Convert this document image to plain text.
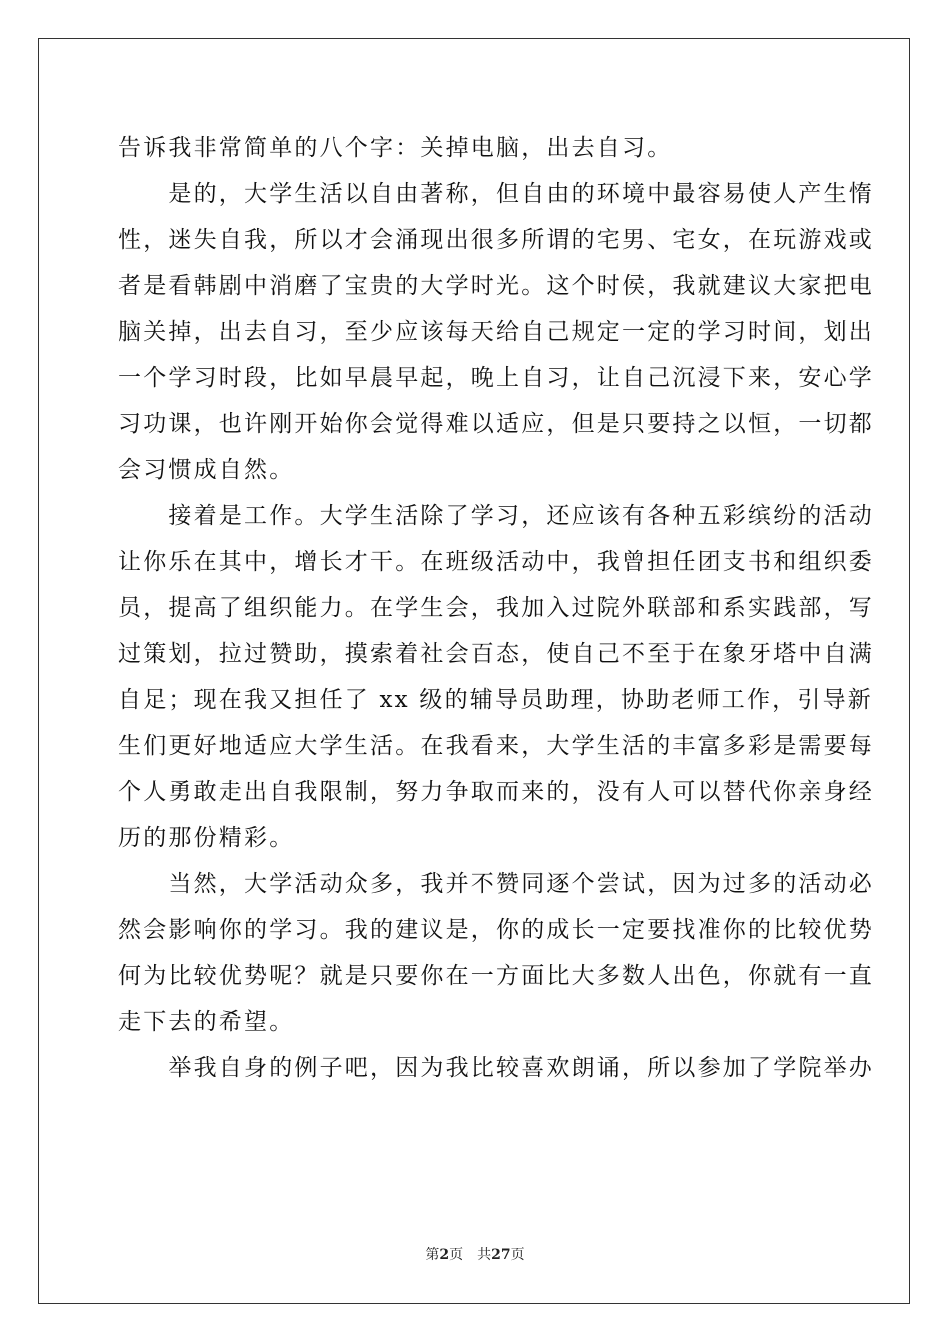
告诉我非常简单的八个字：关掉电脑，出去自习。
　　是的，大学生活以自由著称，但自由的环境中最容易使人产生惰
性，迷失自我，所以才会涌现出很多所谓的宅男、宅女，在玩游戏或
者是看韩剧中消磨了宝贵的大学时光。这个时侯，我就建议大家把电
脑关掉，出去自习，至少应该每天给自己规定一定的学习时间，划出
一个学习时段，比如早晨早起，晚上自习，让自己沉浸下来，安心学
习功课，也许刚开始你会觉得难以适应，但是只要持之以恒，一切都
会习惯成自然。
　　接着是工作。大学生活除了学习，还应该有各种五彩缤纷的活动
让你乐在其中，增长才干。在班级活动中，我曾担任团支书和组织委
员，提高了组织能力。在学生会，我加入过院外联部和系实践部，写
过策划，拉过赞助，摸索着社会百态，使自己不至于在象牙塔中自满
自足；现在我又担任了 xx 级的辅导员助理，协助老师工作，引导新
生们更好地适应大学生活。在我看来，大学生活的丰富多彩是需要每
个人勇敢走出自我限制，努力争取而来的，没有人可以替代你亲身经
历的那份精彩。
　　当然，大学活动众多，我并不赞同逐个尝试，因为过多的活动必
然会影响你的学习。我的建议是，你的成长一定要找准你的比较优势
何为比较优势呢？就是只要你在一方面比大多数人出色，你就有一直
走下去的希望。
　　举我自身的例子吧，因为我比较喜欢朗诵，所以参加了学院举办

第2页　共27页
